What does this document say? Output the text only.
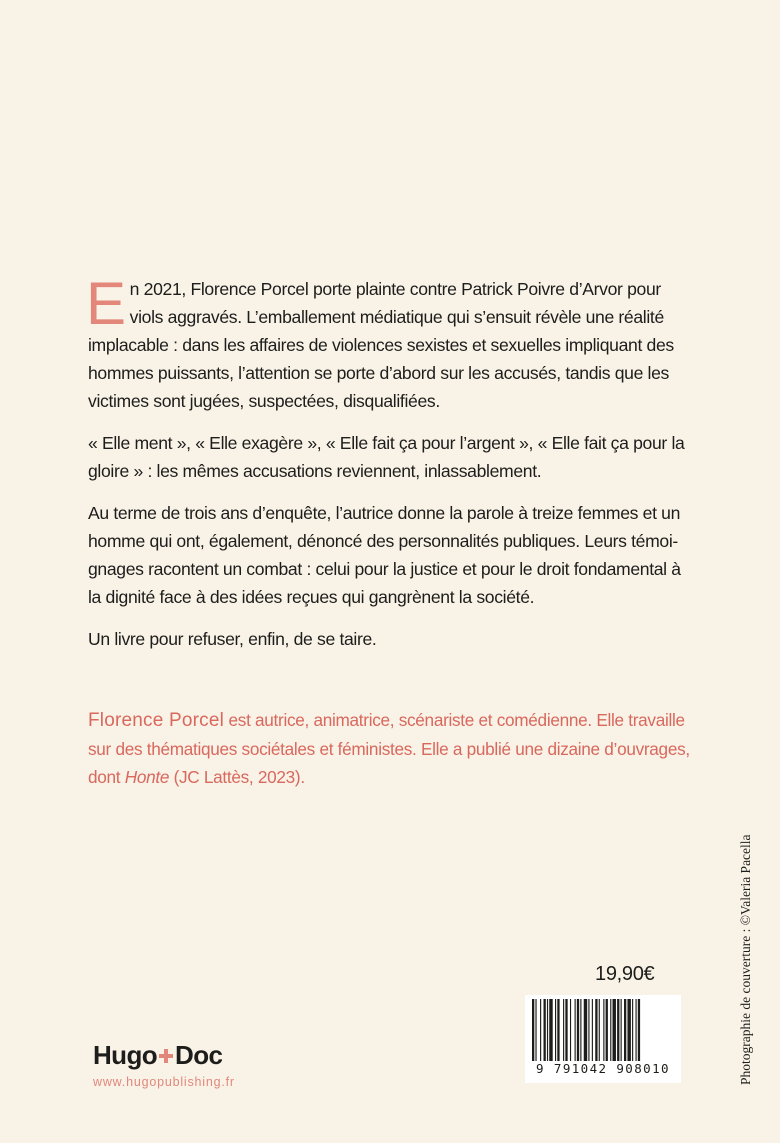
En 2021, Florence Porcel porte plainte contre Patrick Poivre d’Arvor pour viols aggravés. L’emballement médiatique qui s’ensuit révèle une réalité implacable : dans les affaires de violences sexistes et sexuelles impliquant des hommes puissants, l’attention se porte d’abord sur les accusés, tandis que les victimes sont jugées, suspectées, disqualifiées.

« Elle ment », « Elle exagère », « Elle fait ça pour l’argent », « Elle fait ça pour la gloire » : les mêmes accusations reviennent, inlassablement.

Au terme de trois ans d’enquête, l’autrice donne la parole à treize femmes et un homme qui ont, également, dénoncé des personnalités publiques. Leurs témoignages racontent un combat : celui pour la justice et pour le droit fondamental à la dignité face à des idées reçues qui gangrènent la société.

Un livre pour refuser, enfin, de se taire.

Florence Porcel est autrice, animatrice, scénariste et comédienne. Elle travaille sur des thématiques sociétales et féministes. Elle a publié une dizaine d’ouvrages, dont Honte (JC Lattès, 2023).
Photographie de couverture : ©Valeria Pacella
19,90€
9 791042 908010
Hugo Doc
www.hugopublishing.fr
